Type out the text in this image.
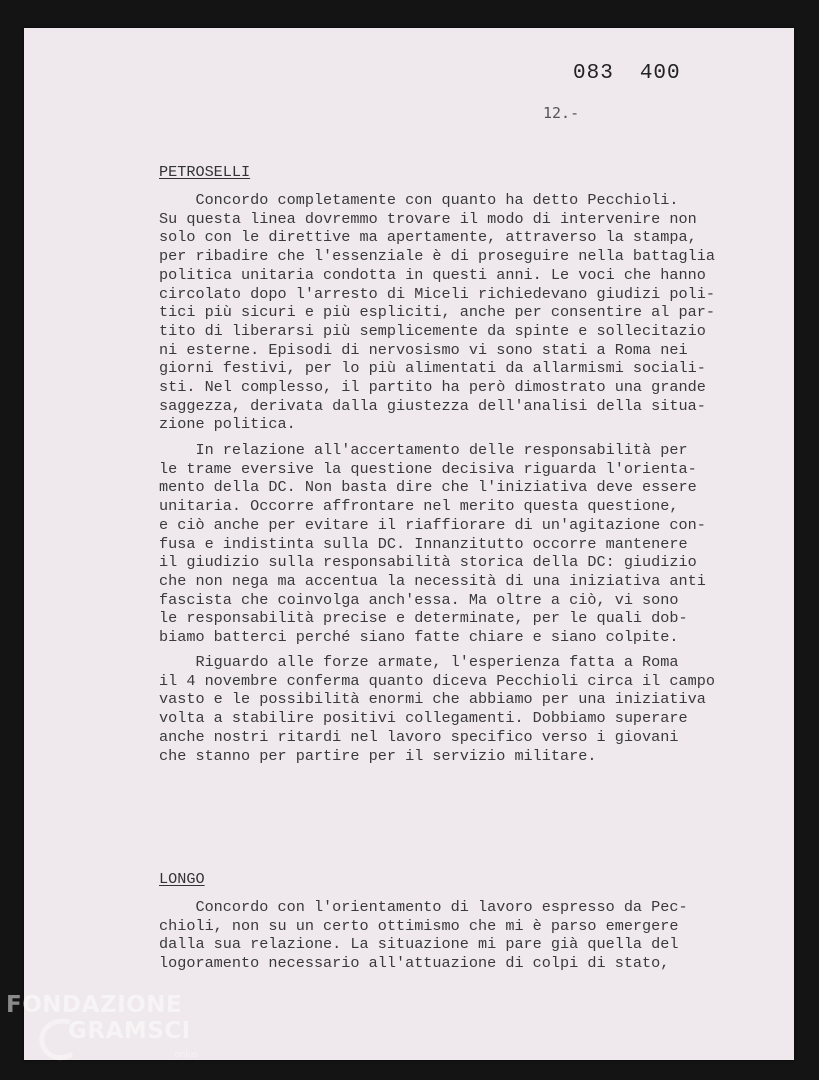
083 400
12.-
PETROSELLI
Concordo completamente con quanto ha detto Pecchioli.
Su questa linea dovremmo trovare il modo di intervenire non
solo con le direttive ma apertamente, attraverso la stampa,
per ribadire che l'essenziale è di proseguire nella battaglia
politica unitaria condotta in questi anni. Le voci che hanno
circolato dopo l'arresto di Miceli richiedevano giudizi poli-
tici più sicuri e più espliciti, anche per consentire al par-
tito di liberarsi più semplicemente da spinte e sollecitazio
ni esterne. Episodi di nervosismo vi sono stati a Roma nei
giorni festivi, per lo più alimentati da allarmismi sociali-
sti. Nel complesso, il partito ha però dimostrato una grande
saggezza, derivata dalla giustezza dell'analisi della situa-
zione politica.
In relazione all'accertamento delle responsabilità per
le trame eversive la questione decisiva riguarda l'orienta-
mento della DC. Non basta dire che l'iniziativa deve essere
unitaria. Occorre affrontare nel merito questa questione,
e ciò anche per evitare il riaffiorare di un'agitazione con-
fusa e indistinta sulla DC. Innanzitutto occorre mantenere
il giudizio sulla responsabilità storica della DC: giudizio
che non nega ma accentua la necessità di una iniziativa anti
fascista che coinvolga anch'essa. Ma oltre a ciò, vi sono
le responsabilità precise e determinate, per le quali dob-
biamo batterci perché siano fatte chiare e siano colpite.
Riguardo alle forze armate, l'esperienza fatta a Roma
il 4 novembre conferma quanto diceva Pecchioli circa il campo
vasto e le possibilità enormi che abbiamo per una iniziativa
volta a stabilire positivi collegamenti. Dobbiamo superare
anche nostri ritardi nel lavoro specifico verso i giovani
che stanno per partire per il servizio militare.
LONGO
Concordo con l'orientamento di lavoro espresso da Pec-
chioli, non su un certo ottimismo che mi è parso emergere
dalla sua relazione. La situazione mi pare già quella del
logoramento necessario all'attuazione di colpi di stato,
FONDAZIONE
GRAMSCI
onlus
